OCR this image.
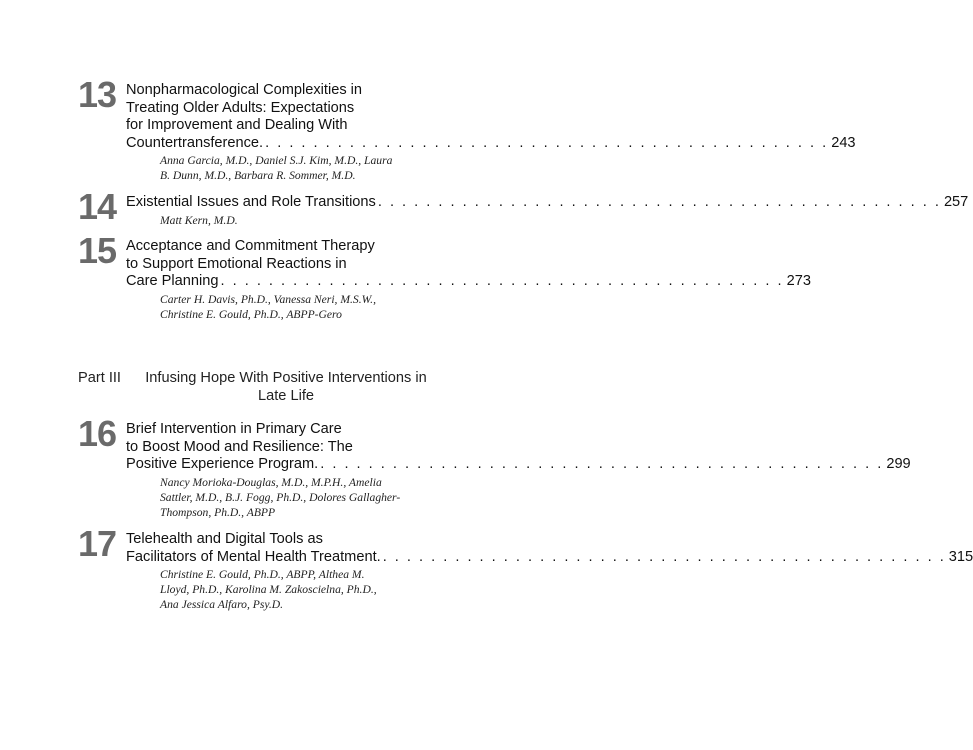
13 Nonpharmacological Complexities in
Treating Older Adults: Expectations
for Improvement and Dealing With
Countertransference. . . . . . . . . . . . . . . . . . . . . . . . . . . . . . . . . . . . . . . . . . . . . . . . 243
Anna Garcia, M.D., Daniel S.J. Kim, M.D., Laura
B. Dunn, M.D., Barbara R. Sommer, M.D.
14 Existential Issues and Role Transitions . . . . . . . . . . . . . . . . . . . . . . . . . . . . . . . . . . . . . . . . . . . . . . . 257
Matt Kern, M.D.
15 Acceptance and Commitment Therapy
to Support Emotional Reactions in
Care Planning . . . . . . . . . . . . . . . . . . . . . . . . . . . . . . . . . . . . . . . . . . . . . . . 273
Carter H. Davis, Ph.D., Vanessa Neri, M.S.W.,
Christine E. Gould, Ph.D., ABPP-Gero
Part III	Infusing Hope With Positive Interventions in
Late Life
16 Brief Intervention in Primary Care
to Boost Mood and Resilience: The
Positive Experience Program. . . . . . . . . . . . . . . . . . . . . . . . . . . . . . . . . . . . . . . . . . . . . . . . 299
Nancy Morioka-Douglas, M.D., M.P.H., Amelia
Sattler, M.D., B.J. Fogg, Ph.D., Dolores Gallagher-
Thompson, Ph.D., ABPP
17 Telehealth and Digital Tools as
Facilitators of Mental Health Treatment. . . . . . . . . . . . . . . . . . . . . . . . . . . . . . . . . . . . . . . . . . . . . . . . 315
Christine E. Gould, Ph.D., ABPP, Althea M.
Lloyd, Ph.D., Karolina M. Zakoscielna, Ph.D.,
Ana Jessica Alfaro, Psy.D.
